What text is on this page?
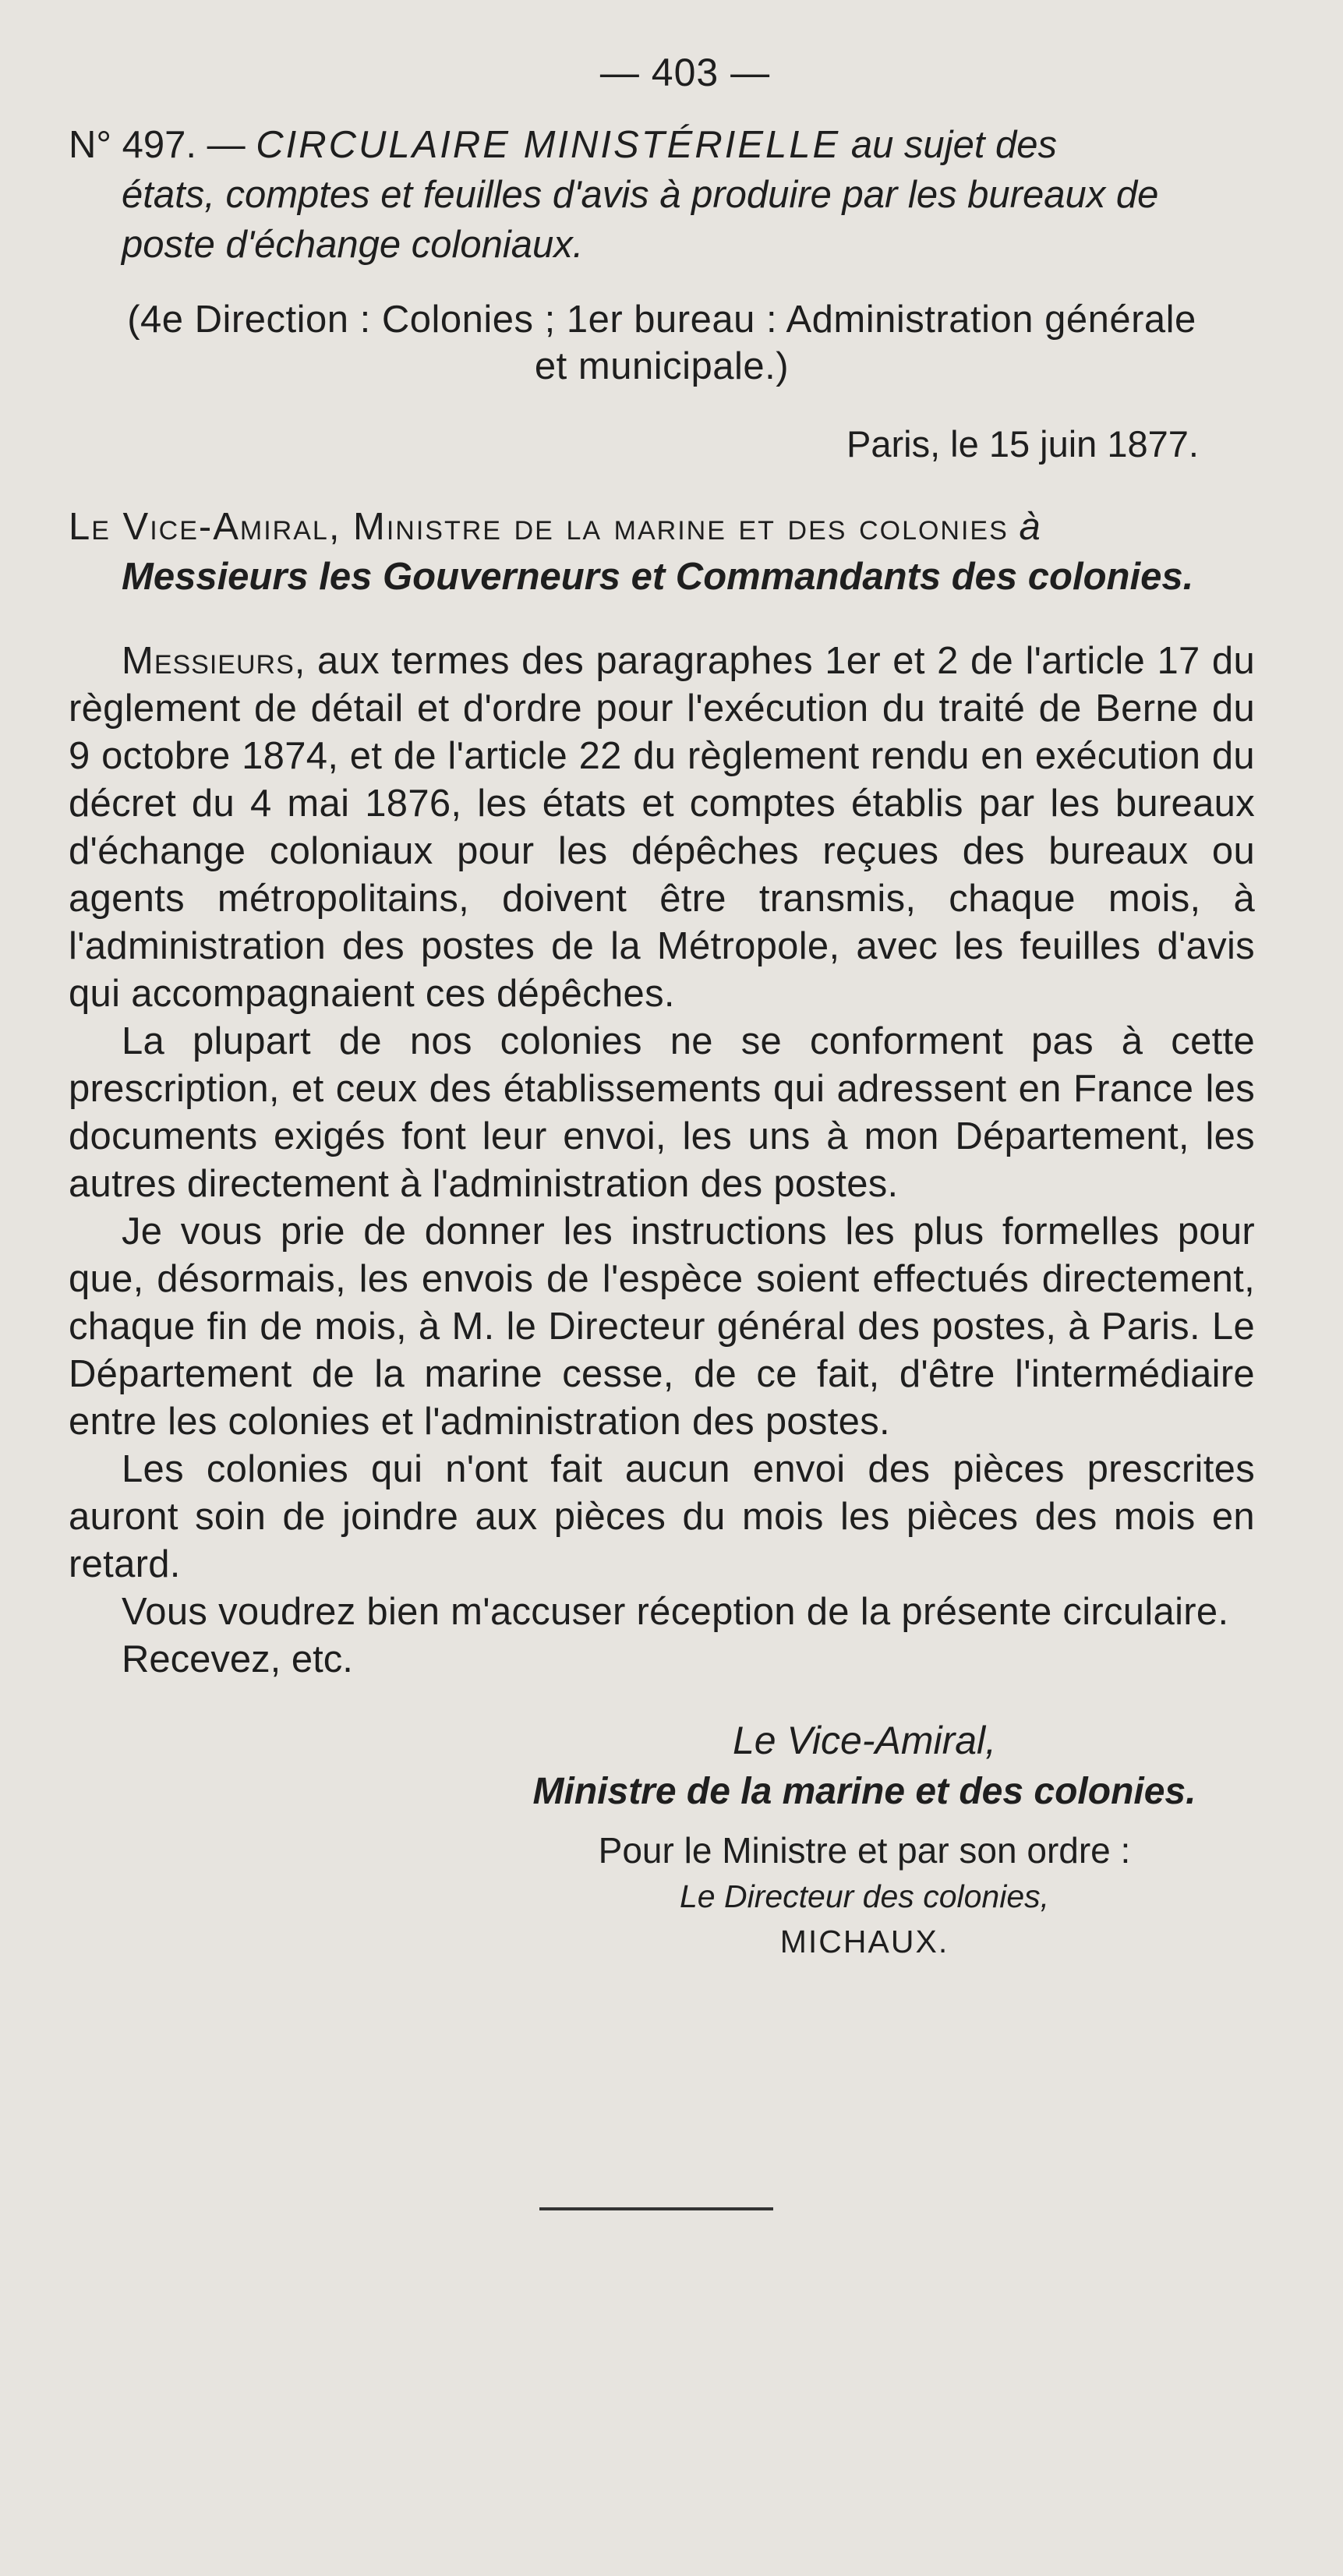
— 403 —
N° 497. — CIRCULAIRE MINISTÉRIELLE au sujet des
états, comptes et feuilles d'avis à produire par les bureaux de
poste d'échange coloniaux.
(4e Direction : Colonies ; 1er bureau : Administration générale
et municipale.)
Paris, le 15 juin 1877.
Le Vice-Amiral, Ministre de la marine et des colonies à
Messieurs les Gouverneurs et Commandants des colonies.

Messieurs, aux termes des paragraphes 1er et 2 de l'article 17 du règlement de détail et d'ordre pour l'exécution du traité de Berne du 9 octobre 1874, et de l'article 22 du règlement rendu en exécution du décret du 4 mai 1876, les états et comptes établis par les bureaux d'échange coloniaux pour les dépêches reçues des bureaux ou agents métropolitains, doivent être transmis, chaque mois, à l'administration des postes de la Métropole, avec les feuilles d'avis qui accompagnaient ces dépêches.

La plupart de nos colonies ne se conforment pas à cette prescription, et ceux des établissements qui adressent en France les documents exigés font leur envoi, les uns à mon Département, les autres directement à l'administration des postes.

Je vous prie de donner les instructions les plus formelles pour que, désormais, les envois de l'espèce soient effectués directement, chaque fin de mois, à M. le Directeur général des postes, à Paris. Le Département de la marine cesse, de ce fait, d'être l'intermédiaire entre les colonies et l'administration des postes.

Les colonies qui n'ont fait aucun envoi des pièces prescrites auront soin de joindre aux pièces du mois les pièces des mois en retard.

Vous voudrez bien m'accuser réception de la présente circulaire.

Recevez, etc.

Le Vice-Amiral,
Ministre de la marine et des colonies.
Pour le Ministre et par son ordre :
Le Directeur des colonies,
MICHAUX.
